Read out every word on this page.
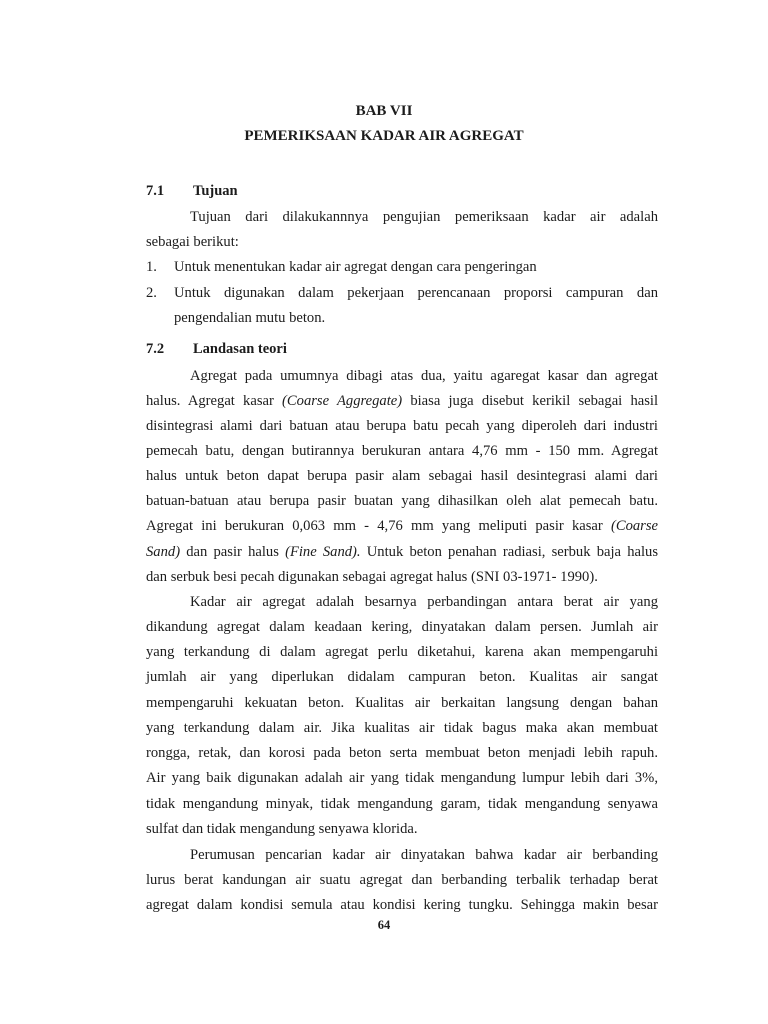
BAB VII
PEMERIKSAAN KADAR AIR AGREGAT
7.1 Tujuan
Tujuan dari dilakukannnya pengujian pemeriksaan kadar air adalah
sebagai berikut:
1. Untuk menentukan kadar air agregat dengan cara pengeringan
2. Untuk digunakan dalam pekerjaan perencanaan proporsi campuran dan
pengendalian mutu beton.
7.2 Landasan teori
Agregat pada umumnya dibagi atas dua, yaitu agaregat kasar dan agregat
halus. Agregat kasar (Coarse Aggregate) biasa juga disebut kerikil sebagai hasil
disintegrasi alami dari batuan atau berupa batu pecah yang diperoleh dari industri
pemecah batu, dengan butirannya berukuran antara 4,76 mm - 150 mm. Agregat
halus untuk beton dapat berupa pasir alam sebagai hasil desintegrasi alami dari
batuan-batuan atau berupa pasir buatan yang dihasilkan oleh alat pemecah batu.
Agregat ini berukuran 0,063 mm - 4,76 mm yang meliputi pasir kasar (Coarse
Sand) dan pasir halus (Fine Sand). Untuk beton penahan radiasi, serbuk baja halus
dan serbuk besi pecah digunakan sebagai agregat halus (SNI 03-1971- 1990).
Kadar air agregat adalah besarnya perbandingan antara berat air yang
dikandung agregat dalam keadaan kering, dinyatakan dalam persen. Jumlah air
yang terkandung di dalam agregat perlu diketahui, karena akan mempengaruhi
jumlah air yang diperlukan didalam campuran beton. Kualitas air sangat
mempengaruhi kekuatan beton. Kualitas air berkaitan langsung dengan bahan
yang terkandung dalam air. Jika kualitas air tidak bagus maka akan membuat
rongga, retak, dan korosi pada beton serta membuat beton menjadi lebih rapuh.
Air yang baik digunakan adalah air yang tidak mengandung lumpur lebih dari 3%,
tidak mengandung minyak, tidak mengandung garam, tidak mengandung senyawa
sulfat dan tidak mengandung senyawa klorida.
Perumusan pencarian kadar air dinyatakan bahwa kadar air berbanding
lurus berat kandungan air suatu agregat dan berbanding terbalik terhadap berat
agregat dalam kondisi semula atau kondisi kering tungku. Sehingga makin besar
64
